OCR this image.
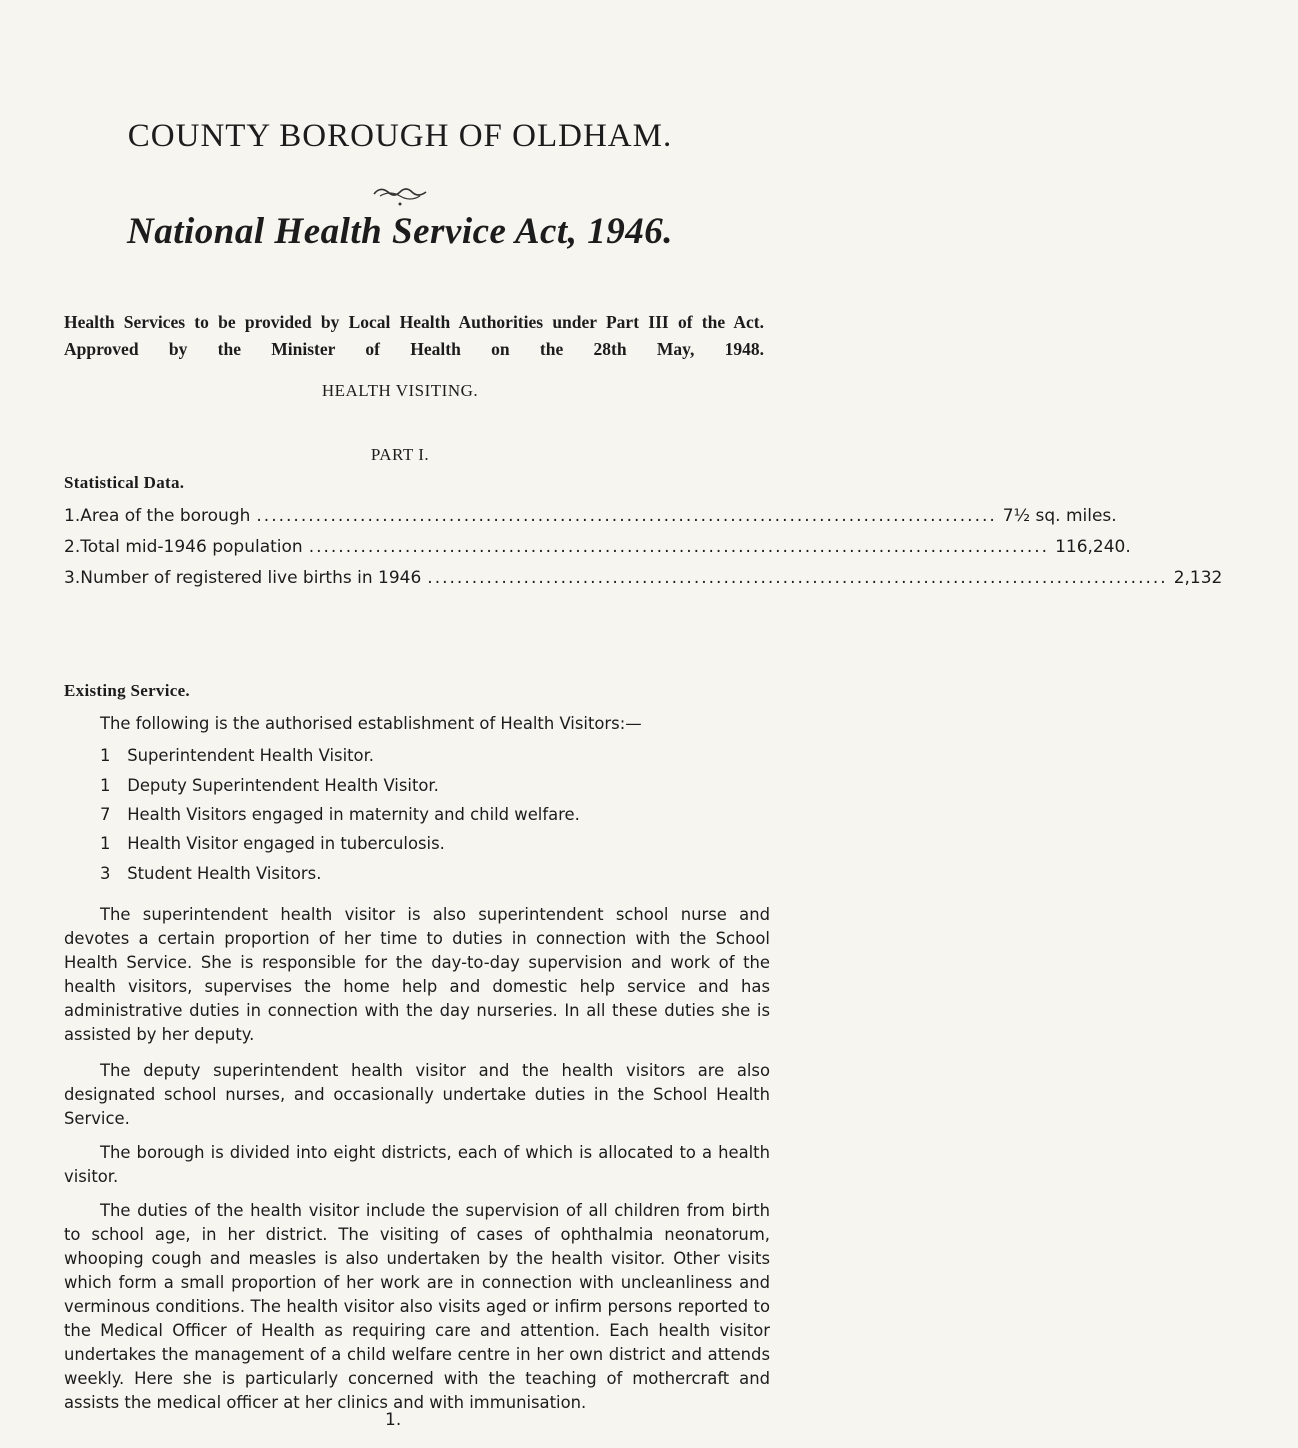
COUNTY BOROUGH OF OLDHAM.
National Health Service Act, 1946.

Health Services to be provided by Local Health Authorities under Part III of the Act. Approved by the Minister of Health on the 28th May, 1948.

HEALTH VISITING.
PART I.
Statistical Data.
1. Area of the borough .................................................................................................... 7½ sq. miles.
2. Total mid-1946 population .................................................................................................... 116,240.
3. Number of registered live births in 1946 .................................................................................................... 2,132
Existing Service.

The following is the authorised establishment of Health Visitors:—

1 Superintendent Health Visitor.
1 Deputy Superintendent Health Visitor.
7 Health Visitors engaged in maternity and child welfare.
1 Health Visitor engaged in tuberculosis.
3 Student Health Visitors.

The superintendent health visitor is also superintendent school nurse and devotes a certain proportion of her time to duties in connection with the School Health Service. She is responsible for the day-to-day supervision and work of the health visitors, supervises the home help and domestic help service and has administrative duties in connection with the day nurseries. In all these duties she is assisted by her deputy.

The deputy superintendent health visitor and the health visitors are also designated school nurses, and occasionally undertake duties in the School Health Service.

The borough is divided into eight districts, each of which is allocated to a health visitor.

The duties of the health visitor include the supervision of all children from birth to school age, in her district. The visiting of cases of ophthalmia neonatorum, whooping cough and measles is also undertaken by the health visitor. Other visits which form a small proportion of her work are in connection with uncleanliness and verminous conditions. The health visitor also visits aged or infirm persons reported to the Medical Officer of Health as requiring care and attention. Each health visitor undertakes the management of a child welfare centre in her own district and attends weekly. Here she is particularly concerned with the teaching of mothercraft and assists the medical officer at her clinics and with immunisation.

1.
